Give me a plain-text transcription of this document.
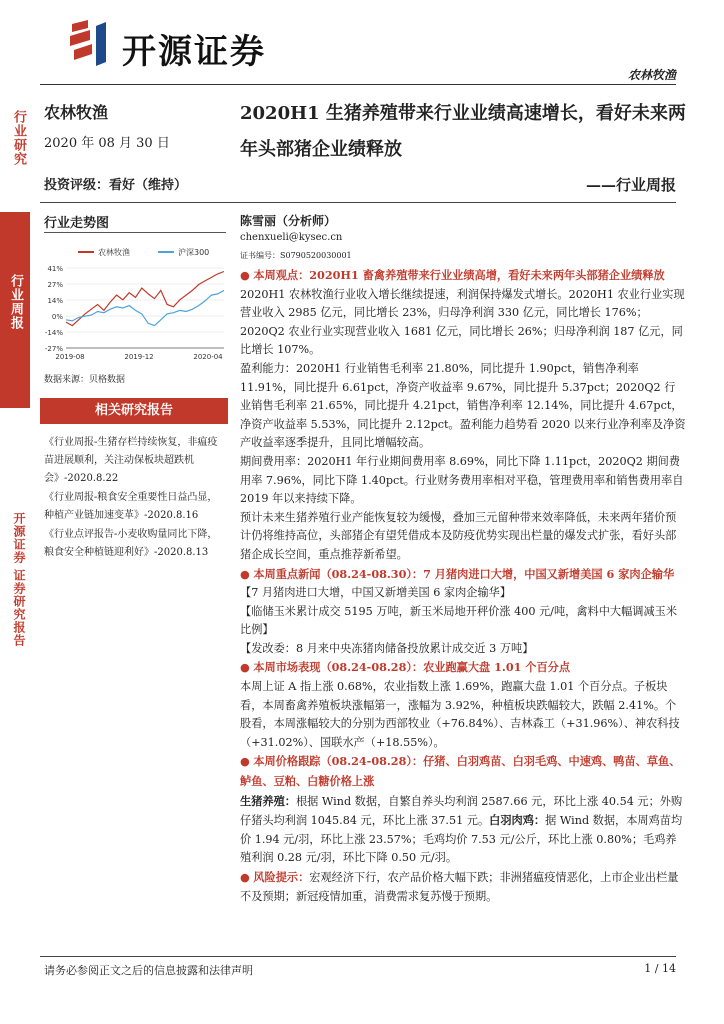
开源证券
农林牧渔
行业研究
行业周报
开源证券 证券研究报告
农林牧渔
2020 年 08 月 30 日
投资评级：看好（维持）
2020H1 生猪养殖带来行业业绩高速增长，看好未来两年头部猪企业绩释放
——行业周报
行业走势图
农林牧渔	沪深300
41%
27%
14%
0%
-14%
-27%
2019-08	2019-12	2020-04
数据来源：贝格数据
相关研究报告
《行业周报-生猪存栏持续恢复，非瘟疫苗进展顺利，关注动保板块超跌机会》-2020.8.22
《行业周报-粮食安全重要性日益凸显，种植产业链加速变革》-2020.8.16
《行业点评报告-小麦收购量同比下降，粮食安全种植链迎利好》-2020.8.13
陈雪丽（分析师）
chenxueli@kysec.cn
证书编号：S0790520030001

● 本周观点：2020H1 畜禽养殖带来行业业绩高增，看好未来两年头部猪企业绩释放

2020H1 农林牧渔行业收入增长继续提速，利润保持爆发式增长。2020H1 农业行业实现营业收入 2985 亿元，同比增长 23%，归母净利润 330 亿元，同比增长 176%；2020Q2 农业行业实现营业收入 1681 亿元，同比增长 26%；归母净利润 187 亿元，同比增长 107%。

盈利能力：2020H1 行业销售毛利率 21.80%，同比提升 1.90pct，销售净利率 11.91%，同比提升 6.61pct，净资产收益率 9.67%，同比提升 5.37pct；2020Q2 行业销售毛利率 21.65%，同比提升 4.21pct，销售净利率 12.14%，同比提升 4.67pct，净资产收益率 5.53%，同比提升 2.12pct。盈利能力趋势看 2020 以来行业净利率及净资产收益率逐季提升，且同比增幅较高。

期间费用率：2020H1 年行业期间费用率 8.69%，同比下降 1.11pct，2020Q2 期间费用率 7.96%，同比下降 1.40pct。行业财务费用率相对平稳，管理费用率和销售费用率自 2019 年以来持续下降。

预计未来生猪养殖行业产能恢复较为缓慢，叠加三元留种带来效率降低，未来两年猪价预计仍将维持高位，头部猪企有望凭借成本及防疫优势实现出栏量的爆发式扩张，看好头部猪企成长空间，重点推荐新希望。

● 本周重点新闻（08.24-08.30）：7 月猪肉进口大增，中国又新增美国 6 家肉企输华

【7 月猪肉进口大增，中国又新增美国 6 家肉企输华】

【临储玉米累计成交 5195 万吨，新玉米局地开秤价涨 400 元/吨，禽料中大幅调减玉米比例】

【发改委：8 月来中央冻猪肉储备投放累计成交近 3 万吨】

● 本周市场表现（08.24-08.28）：农业跑赢大盘 1.01 个百分点

本周上证 A 指上涨 0.68%，农业指数上涨 1.69%，跑赢大盘 1.01 个百分点。子板块看，本周畜禽养殖板块涨幅第一，涨幅为 3.92%，种植板块跌幅较大，跌幅 2.41%。个股看，本周涨幅较大的分别为西部牧业（+76.84%）、吉林森工（+31.96%）、神农科技（+31.02%）、国联水产（+18.55%）。

● 本周价格跟踪（08.24-08.28）：仔猪、白羽鸡苗、白羽毛鸡、中速鸡、鸭苗、草鱼、鲈鱼、豆粕、白糖价格上涨

生猪养殖：根据 Wind 数据，自繁自养头均利润 2587.66 元，环比上涨 40.54 元；外购仔猪头均利润 1045.84 元，环比上涨 37.51 元。白羽肉鸡：据 Wind 数据，本周鸡苗均价 1.94 元/羽，环比上涨 23.57%；毛鸡均价 7.53 元/公斤，环比上涨 0.80%；毛鸡养殖利润 0.28 元/羽，环比下降 0.50 元/羽。

● 风险提示：宏观经济下行，农产品价格大幅下跌；非洲猪瘟疫情恶化，上市企业出栏量不及预期；新冠疫情加重，消费需求复苏慢于预期。

请务必参阅正文之后的信息披露和法律声明	1 / 14
